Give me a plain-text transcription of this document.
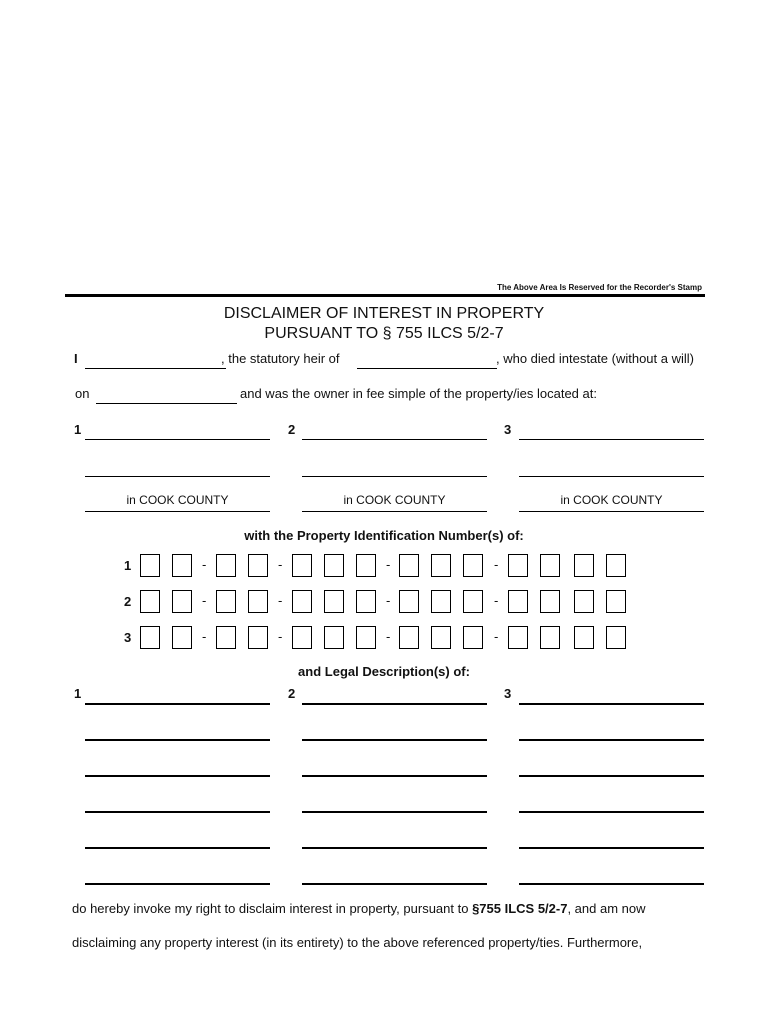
The Above Area Is Reserved for the Recorder's Stamp
DISCLAIMER OF INTEREST IN PROPERTY
PURSUANT TO § 755 ILCS 5/2-7
I	, the statutory heir of	, who died intestate (without a will)
on	and was the owner in fee simple of the property/ies located at:
1	2	3
in COOK COUNTY	in COOK COUNTY	in COOK COUNTY
with the Property Identification Number(s) of:
1	-	-	-	-
2	-	-	-	-
3	-	-	-	-
and Legal Description(s) of:
1	2	3
do hereby invoke my right to disclaim interest in property, pursuant to §755 ILCS 5/2-7, and am now
disclaiming any property interest (in its entirety) to the above referenced property/ties. Furthermore,
